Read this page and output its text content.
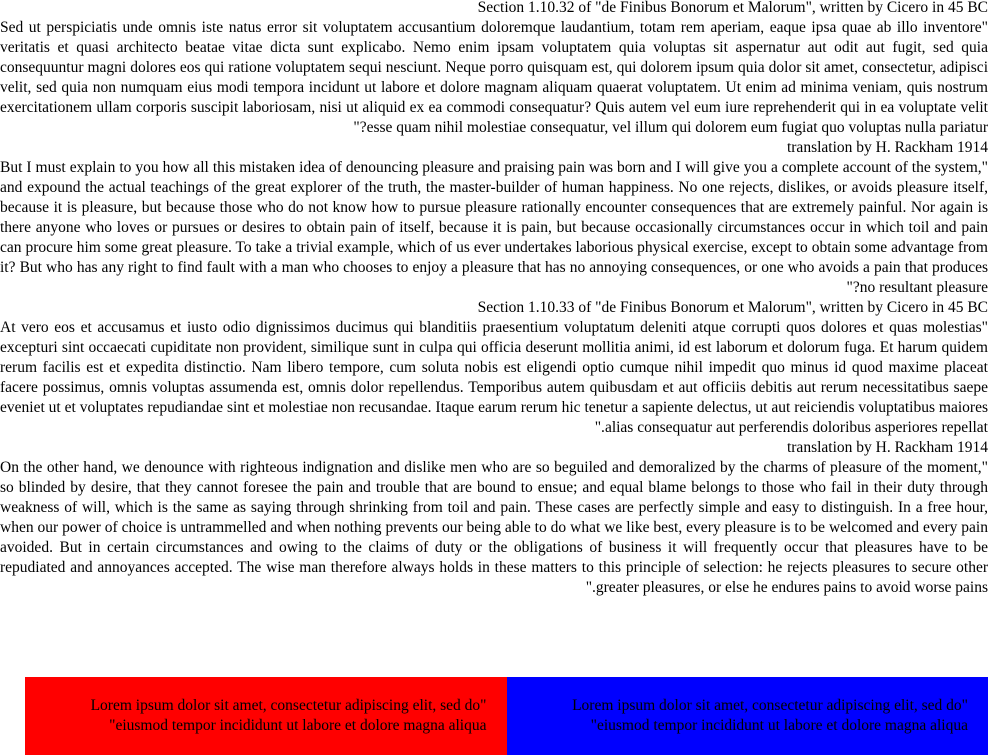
Section 1.10.32 of "de Finibus Bonorum et Malorum", written by Cicero in 45 BC

"Sed ut perspiciatis unde omnis iste natus error sit voluptatem accusantium doloremque laudantium, totam rem aperiam, eaque ipsa quae ab illo inventore veritatis et quasi architecto beatae vitae dicta sunt explicabo. Nemo enim ipsam voluptatem quia voluptas sit aspernatur aut odit aut fugit, sed quia consequuntur magni dolores eos qui ratione voluptatem sequi nesciunt. Neque porro quisquam est, qui dolorem ipsum quia dolor sit amet, consectetur, adipisci velit, sed quia non numquam eius modi tempora incidunt ut labore et dolore magnam aliquam quaerat voluptatem. Ut enim ad minima veniam, quis nostrum exercitationem ullam corporis suscipit laboriosam, nisi ut aliquid ex ea commodi consequatur? Quis autem vel eum iure reprehenderit qui in ea voluptate velit esse quam nihil molestiae consequatur, vel illum qui dolorem eum fugiat quo voluptas nulla pariatur?"

translation by H. Rackham 1914

"But I must explain to you how all this mistaken idea of denouncing pleasure and praising pain was born and I will give you a complete account of the system, and expound the actual teachings of the great explorer of the truth, the master-builder of human happiness. No one rejects, dislikes, or avoids pleasure itself, because it is pleasure, but because those who do not know how to pursue pleasure rationally encounter consequences that are extremely painful. Nor again is there anyone who loves or pursues or desires to obtain pain of itself, because it is pain, but because occasionally circumstances occur in which toil and pain can procure him some great pleasure. To take a trivial example, which of us ever undertakes laborious physical exercise, except to obtain some advantage from it? But who has any right to find fault with a man who chooses to enjoy a pleasure that has no annoying consequences, or one who avoids a pain that produces no resultant pleasure?"

Section 1.10.33 of "de Finibus Bonorum et Malorum", written by Cicero in 45 BC

"At vero eos et accusamus et iusto odio dignissimos ducimus qui blanditiis praesentium voluptatum deleniti atque corrupti quos dolores et quas molestias excepturi sint occaecati cupiditate non provident, similique sunt in culpa qui officia deserunt mollitia animi, id est laborum et dolorum fuga. Et harum quidem rerum facilis est et expedita distinctio. Nam libero tempore, cum soluta nobis est eligendi optio cumque nihil impedit quo minus id quod maxime placeat facere possimus, omnis voluptas assumenda est, omnis dolor repellendus. Temporibus autem quibusdam et aut officiis debitis aut rerum necessitatibus saepe eveniet ut et voluptates repudiandae sint et molestiae non recusandae. Itaque earum rerum hic tenetur a sapiente delectus, ut aut reiciendis voluptatibus maiores alias consequatur aut perferendis doloribus asperiores repellat."

translation by H. Rackham 1914

"On the other hand, we denounce with righteous indignation and dislike men who are so beguiled and demoralized by the charms of pleasure of the moment, so blinded by desire, that they cannot foresee the pain and trouble that are bound to ensue; and equal blame belongs to those who fail in their duty through weakness of will, which is the same as saying through shrinking from toil and pain. These cases are perfectly simple and easy to distinguish. In a free hour, when our power of choice is untrammelled and when nothing prevents our being able to do what we like best, every pleasure is to be welcomed and every pain avoided. But in certain circumstances and owing to the claims of duty or the obligations of business it will frequently occur that pleasures have to be repudiated and annoyances accepted. The wise man therefore always holds in these matters to this principle of selection: he rejects pleasures to secure other greater pleasures, or else he endures pains to avoid worse pains."

"Lorem ipsum dolor sit amet, consectetur adipiscing elit, sed do eiusmod tempor incididunt ut labore et dolore magna aliqua"
"Lorem ipsum dolor sit amet, consectetur adipiscing elit, sed do eiusmod tempor incididunt ut labore et dolore magna aliqua"
